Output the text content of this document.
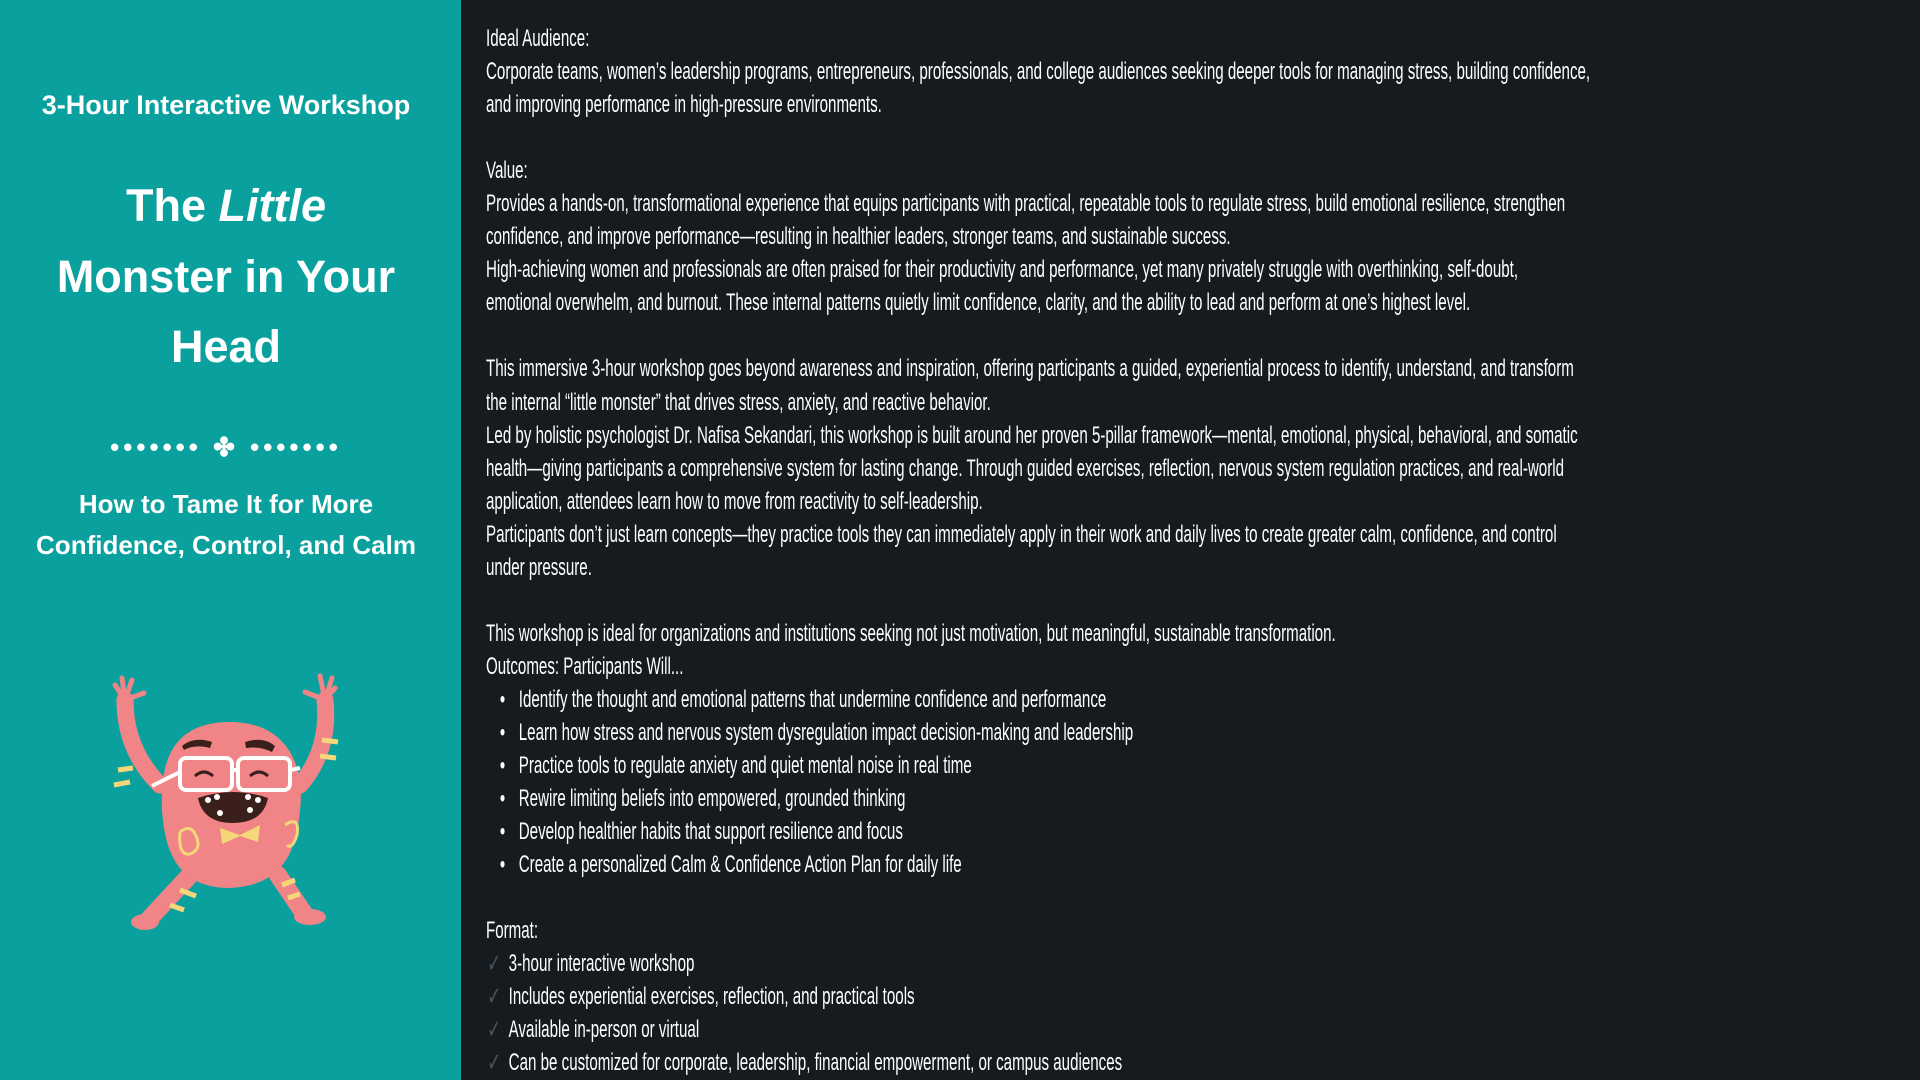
3-Hour Interactive Workshop
The Little
Monster in Your
Head
••••••• ✤ •••••••
How to Tame It for More
Confidence, Control, and Calm
Ideal Audience:
Corporate teams, women’s leadership programs, entrepreneurs, professionals, and college audiences seeking deeper tools for managing stress, building confidence,
and improving performance in high-pressure environments.
Value:
Provides a hands-on, transformational experience that equips participants with practical, repeatable tools to regulate stress, build emotional resilience, strengthen
confidence, and improve performance—resulting in healthier leaders, stronger teams, and sustainable success.
High-achieving women and professionals are often praised for their productivity and performance, yet many privately struggle with overthinking, self-doubt,
emotional overwhelm, and burnout. These internal patterns quietly limit confidence, clarity, and the ability to lead and perform at one’s highest level.
This immersive 3-hour workshop goes beyond awareness and inspiration, offering participants a guided, experiential process to identify, understand, and transform
the internal “little monster” that drives stress, anxiety, and reactive behavior.
Led by holistic psychologist Dr. Nafisa Sekandari, this workshop is built around her proven 5-pillar framework—mental, emotional, physical, behavioral, and somatic
health—giving participants a comprehensive system for lasting change. Through guided exercises, reflection, nervous system regulation practices, and real-world
application, attendees learn how to move from reactivity to self-leadership.
Participants don’t just learn concepts—they practice tools they can immediately apply in their work and daily lives to create greater calm, confidence, and control
under pressure.
This workshop is ideal for organizations and institutions seeking not just motivation, but meaningful, sustainable transformation.
Outcomes: Participants Will...
• Identify the thought and emotional patterns that undermine confidence and performance
• Learn how stress and nervous system dysregulation impact decision-making and leadership
• Practice tools to regulate anxiety and quiet mental noise in real time
• Rewire limiting beliefs into empowered, grounded thinking
• Develop healthier habits that support resilience and focus
• Create a personalized Calm & Confidence Action Plan for daily life
Format:
✓ 3-hour interactive workshop
✓ Includes experiential exercises, reflection, and practical tools
✓ Available in-person or virtual
✓ Can be customized for corporate, leadership, financial empowerment, or campus audiences
